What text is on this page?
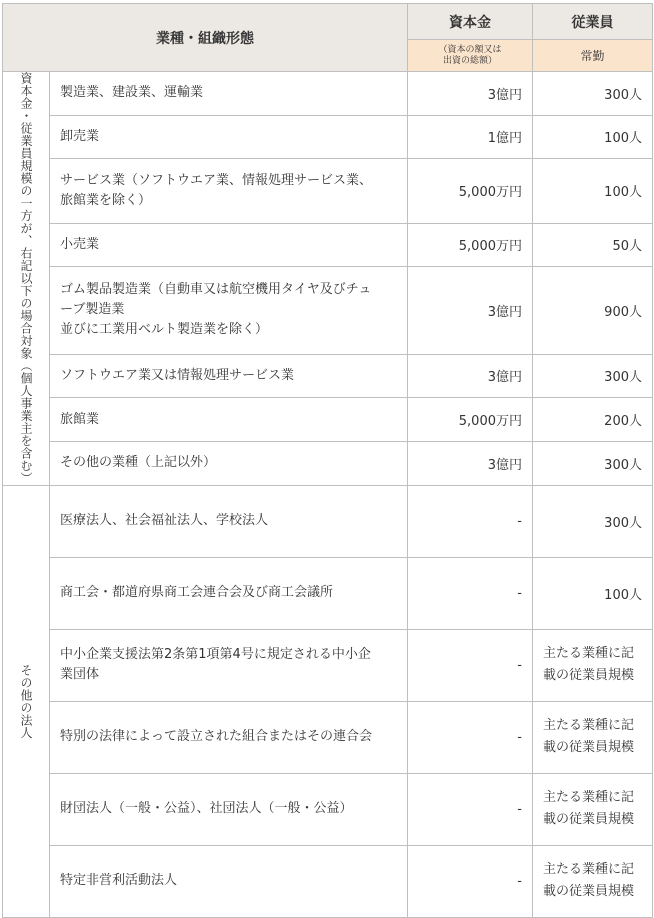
業種・組織形態		資本金	従業員
		（資本の額又は
出資の総額）	常勤

資本金・従業員規模の一方が、右記以下の場合対象（個人事業主を含む）	製造業、建設業、運輸業	3億円	300人
	卸売業	1億円	100人
	サービス業（ソフトウエア業、情報処理サービス業、
旅館業を除く）	5,000万円	100人
	小売業	5,000万円	50人
	ゴム製品製造業（自動車又は航空機用タイヤ及びチュ
ーブ製造業
並びに工業用ベルト製造業を除く）	3億円	900人
	ソフトウエア業又は情報処理サービス業	3億円	300人
	旅館業	5,000万円	200人
	その他の業種（上記以外）	3億円	300人

その他の法人	医療法人、社会福祉法人、学校法人	-	300人
	商工会・都道府県商工会連合会及び商工会議所	-	100人
	中小企業支援法第2条第1項第4号に規定される中小企
業団体	-	主たる業種に記
載の従業員規模
	特別の法律によって設立された組合またはその連合会	-	主たる業種に記
載の従業員規模
	財団法人（一般・公益）、社団法人（一般・公益）	-	主たる業種に記
載の従業員規模
	特定非営利活動法人	-	主たる業種に記
載の従業員規模
